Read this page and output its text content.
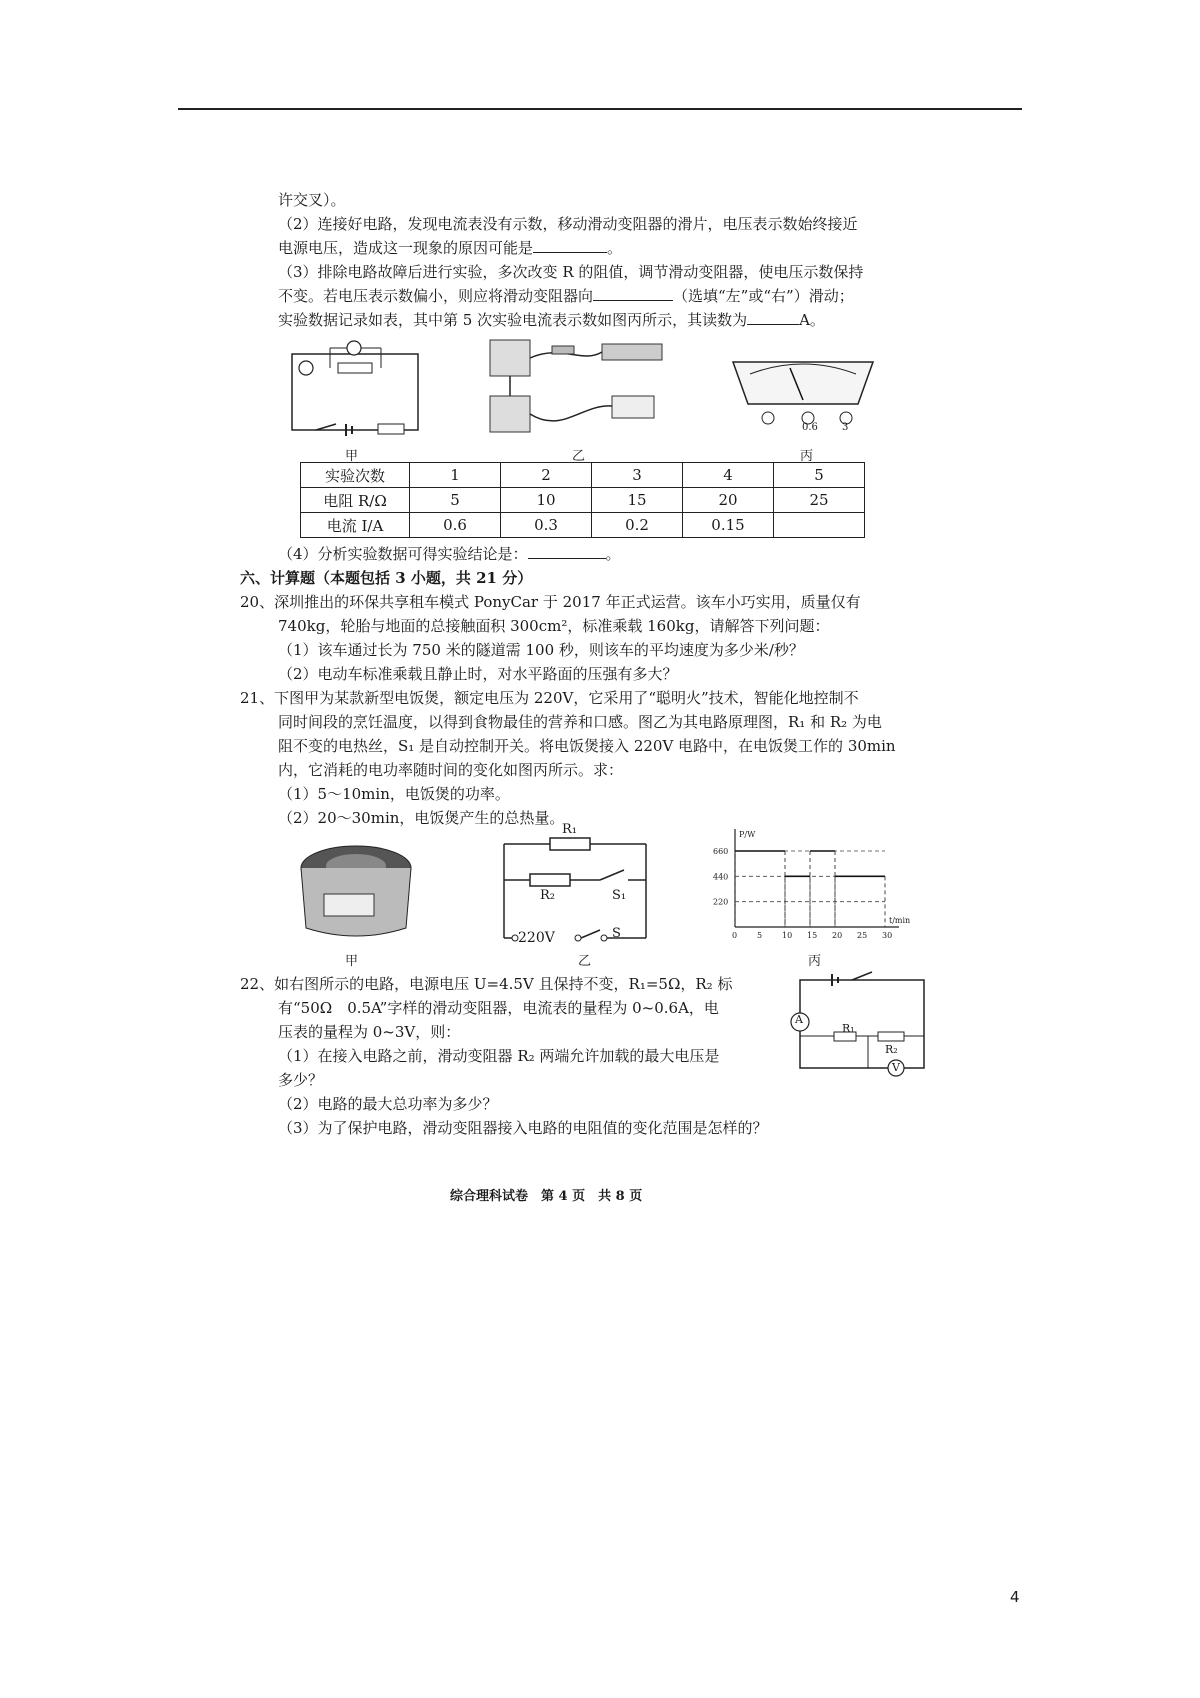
许交叉）。
（2）连接好电路，发现电流表没有示数，移动滑动变阻器的滑片，电压表示数始终接近
电源电压，造成这一现象的原因可能是	。
（3）排除电路故障后进行实验，多次改变 R 的阻值，调节滑动变阻器，使电压示数保持
不变。若电压表示数偏小，则应将滑动变阻器向	（选填“左”或“右”）滑动；
实验数据记录如表，其中第 5 次实验电流表示数如图丙所示，其读数为	A。
甲	乙
0.6 3
丙
实验次数	1	2	3	4	5
电阻 R/Ω	5	10	15	20	25
电流 I/A	0.6	0.3	0.2	0.15	
（4）分析实验数据可得实验结论是：	。
六、计算题（本题包括 3 小题，共 21 分）
20、深圳推出的环保共享租车模式 PonyCar 于 2017 年正式运营。该车小巧实用，质量仅有
740kg，轮胎与地面的总接触面积 300cm²，标准乘载 160kg，请解答下列问题：
（1）该车通过长为 750 米的隧道需 100 秒，则该车的平均速度为多少米/秒？
（2）电动车标准乘载且静止时，对水平路面的压强有多大？
21、下图甲为某款新型电饭煲，额定电压为 220V，它采用了“聪明火”技术，智能化地控制不
同时间段的烹饪温度，以得到食物最佳的营养和口感。图乙为其电路原理图，R₁ 和 R₂ 为电
阻不变的电热丝，S₁ 是自动控制开关。将电饭煲接入 220V 电路中，在电饭煲工作的 30min
内，它消耗的电功率随时间的变化如图丙所示。求：
（1）5～10min，电饭煲的功率。
（2）20～30min，电饭煲产生的总热量。
甲
R₁
R₂	S₁
220V	S
乙
t/min
P/W
0 5 10 15 20 25 30
220
440
660
丙
22、如右图所示的电路，电源电压 U=4.5V 且保持不变，R₁=5Ω，R₂ 标
有“50Ω　0.5A”字样的滑动变阻器，电流表的量程为 0~0.6A，电
压表的量程为 0~3V，则：
（1）在接入电路之前，滑动变阻器 R₂ 两端允许加载的最大电压是
多少？
（2）电路的最大总功率为多少？
（3）为了保护电路，滑动变阻器接入电路的电阻值的变化范围是怎样的？
A
R₁
R₂
V
综合理科试卷　第 4 页　共 8 页
4
